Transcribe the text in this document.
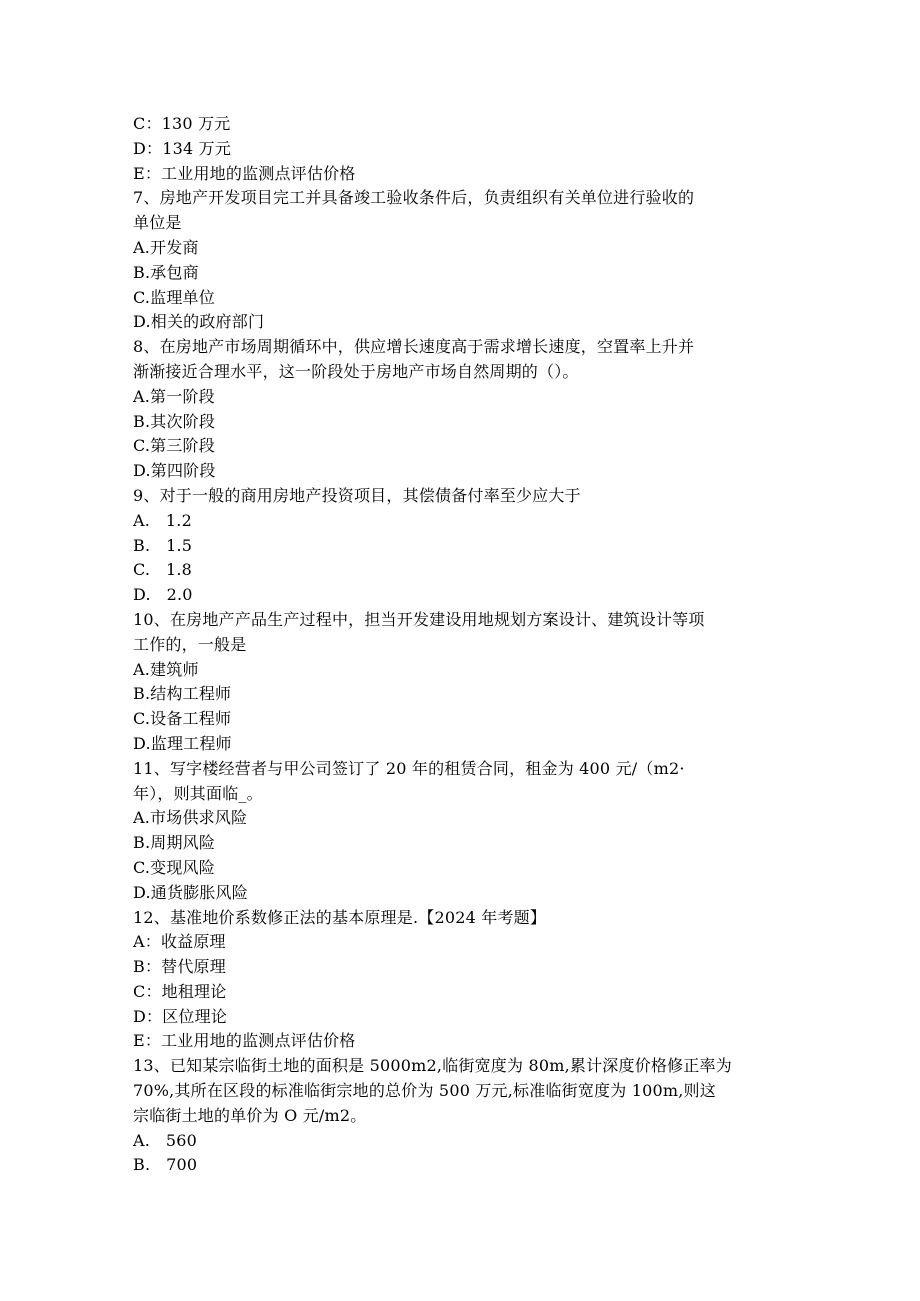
C：130 万元
D：134 万元
E：工业用地的监测点评估价格
7、房地产开发项目完工并具备竣工验收条件后，负责组织有关单位进行验收的
单位是
A.开发商
B.承包商
C.监理单位
D.相关的政府部门
8、在房地产市场周期循环中，供应增长速度高于需求增长速度，空置率上升并
渐渐接近合理水平，这一阶段处于房地产市场自然周期的（）。
A.第一阶段
B.其次阶段
C.第三阶段
D.第四阶段
9、对于一般的商用房地产投资项目，其偿债备付率至少应大于
A.   1.2
B.   1.5
C.   1.8
D.   2.0
10、在房地产产品生产过程中，担当开发建设用地规划方案设计、建筑设计等项
工作的，一般是
A.建筑师
B.结构工程师
C.设备工程师
D.监理工程师
11、写字楼经营者与甲公司签订了 20 年的租赁合同，租金为 400 元/（m2·
年），则其面临_。
A.市场供求风险
B.周期风险
C.变现风险
D.通货膨胀风险
12、基准地价系数修正法的基本原理是.【2024 年考题】
A：收益原理
B：替代原理
C：地租理论
D：区位理论
E：工业用地的监测点评估价格
13、已知某宗临街土地的面积是 5000m2,临街宽度为 80m,累计深度价格修正率为
70%,其所在区段的标准临街宗地的总价为 500 万元,标准临街宽度为 100m,则这
宗临街土地的单价为 O 元/m2。
A.   560
B.   700
